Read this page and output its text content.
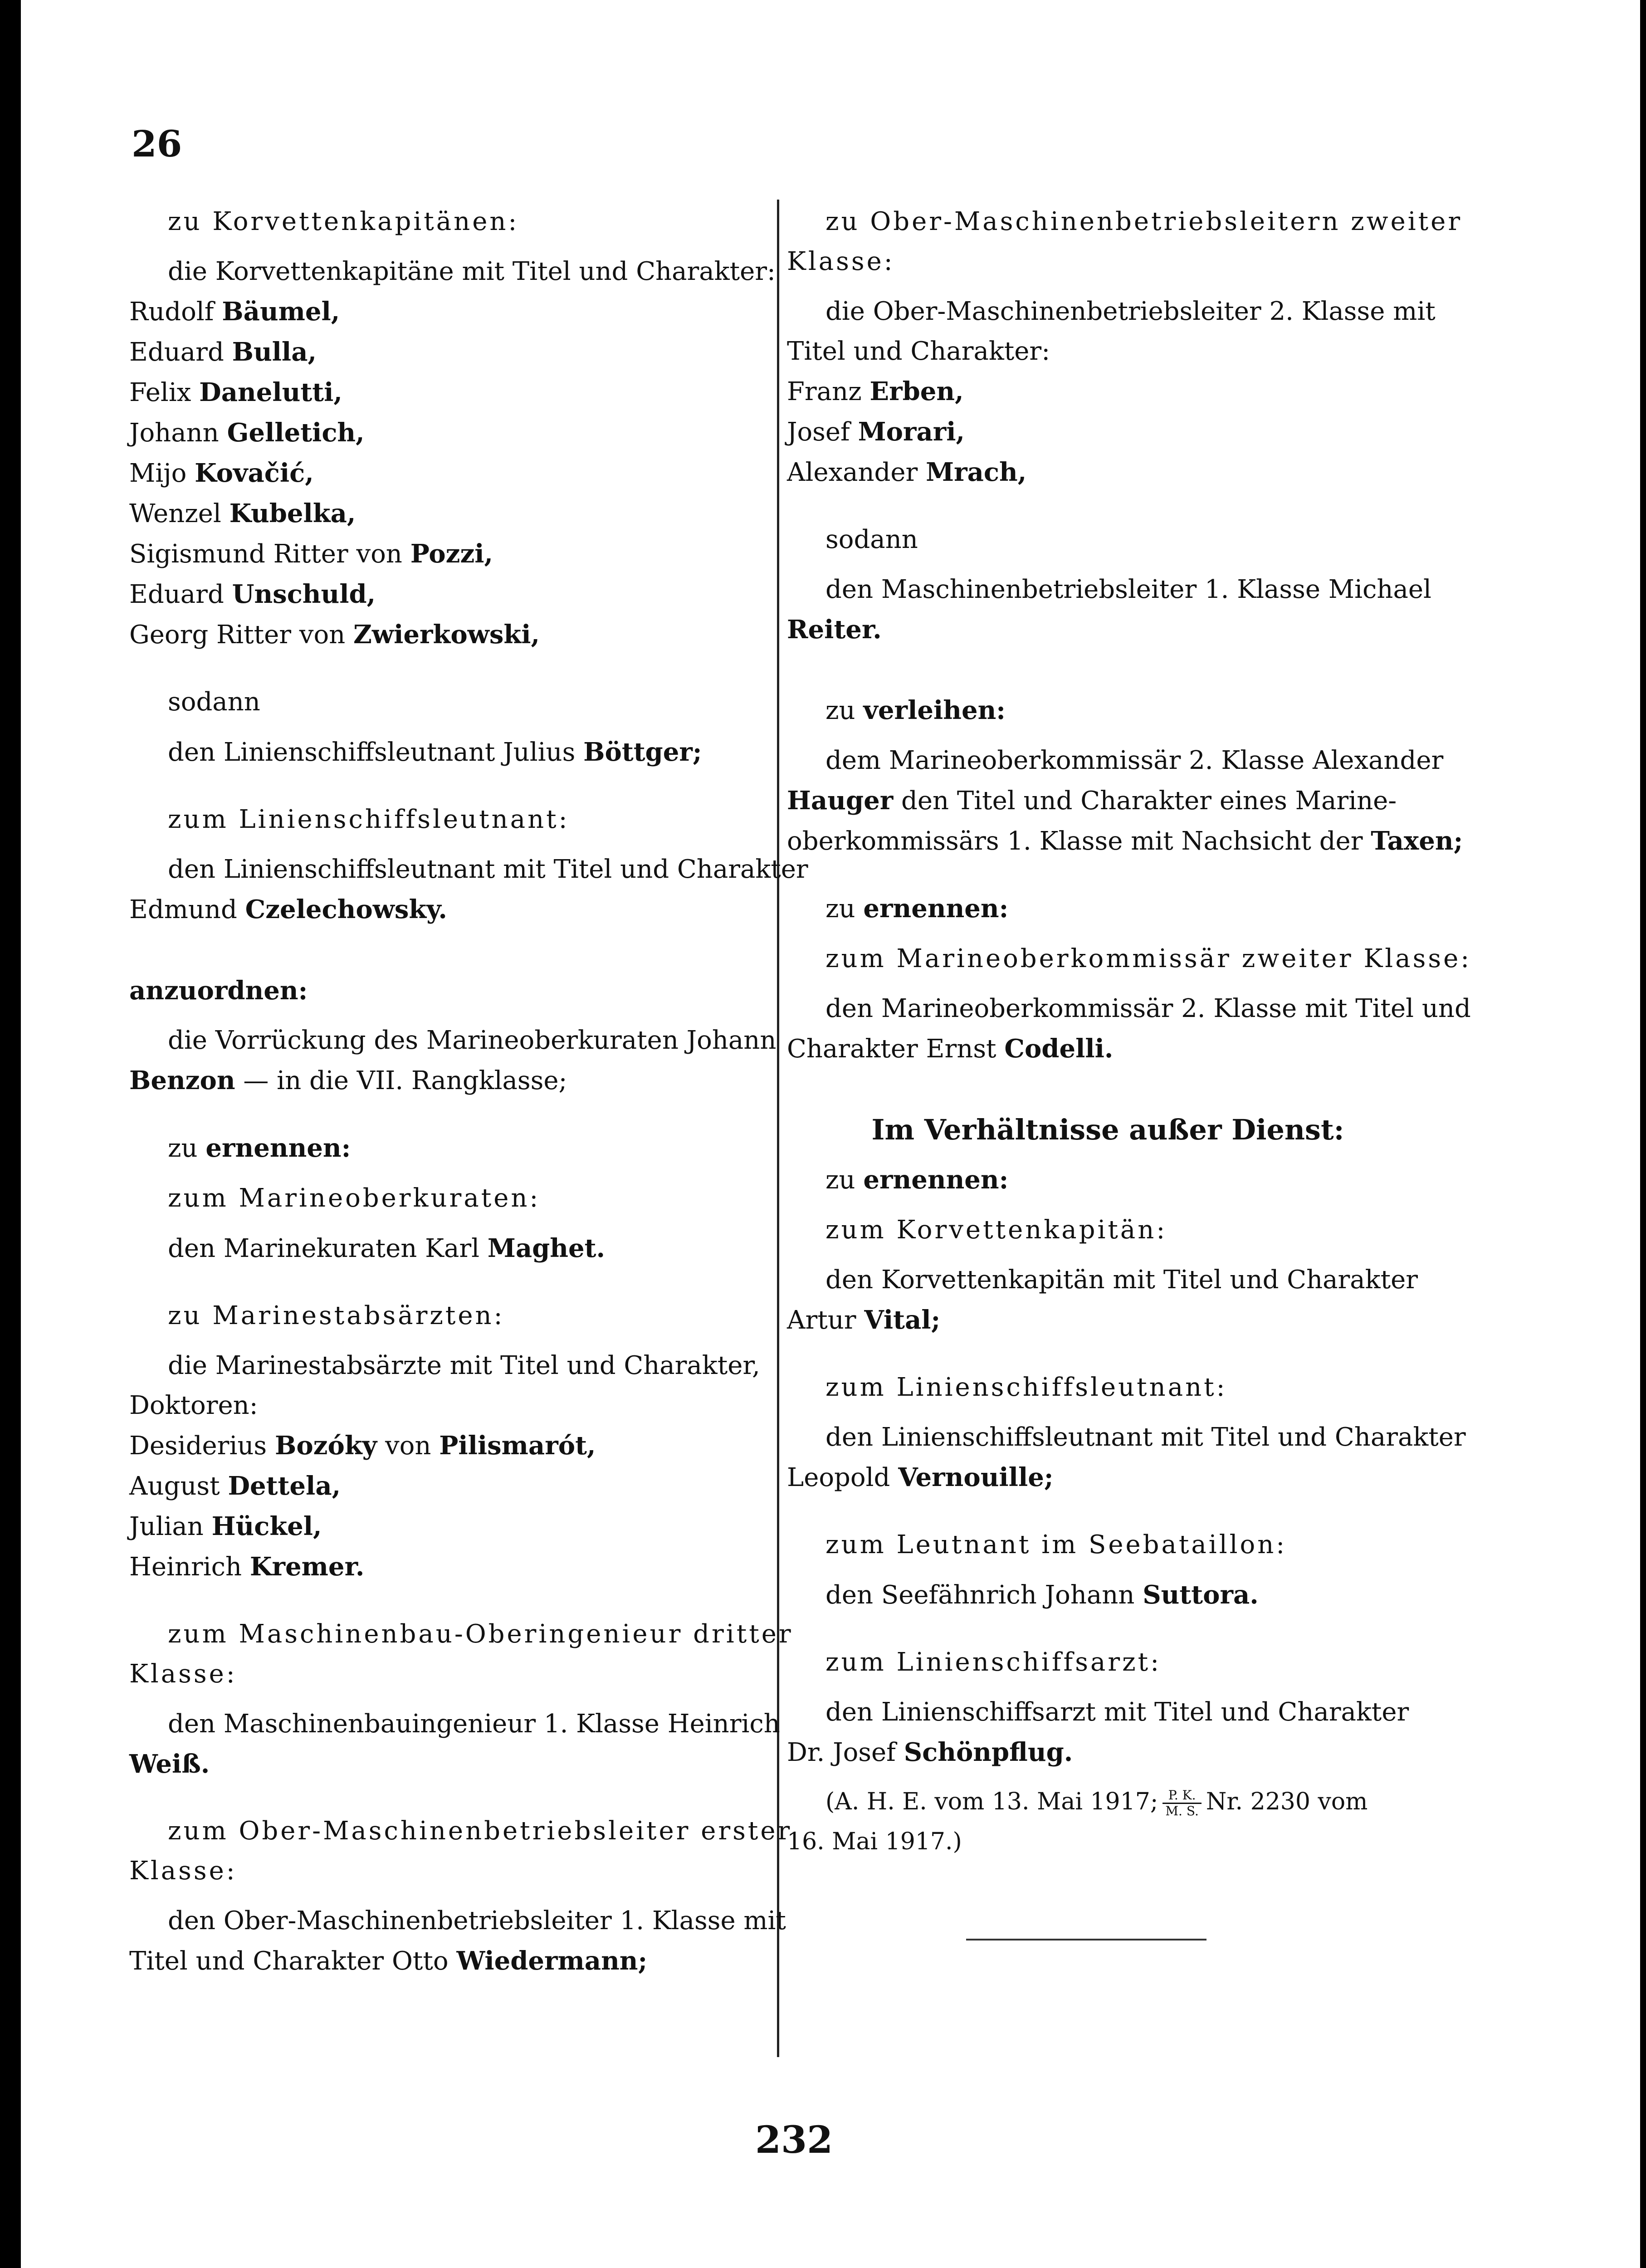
26
zu Korvettenkapitänen:
die Korvettenkapitäne mit Titel und Charakter:
Rudolf Bäumel,
Eduard Bulla,
Felix Danelutti,
Johann Gelletich,
Mijo Kovačić,
Wenzel Kubelka,
Sigismund Ritter von Pozzi,
Eduard Unschuld,
Georg Ritter von Zwierkowski,
sodann
den Linienschiffsleutnant Julius Böttger;
zum Linienschiffsleutnant:
den Linienschiffsleutnant mit Titel und Charakter
Edmund Czelechowsky.
anzuordnen:
die Vorrückung des Marineoberkuraten Johann
Benzon — in die VII. Rangklasse;
zu ernennen:
zum Marineoberkuraten:
den Marinekuraten Karl Maghet.
zu Marinestabsärzten:
die Marinestabsärzte mit Titel und Charakter,
Doktoren:
Desiderius Bozóky von Pilismarót,
August Dettela,
Julian Hückel,
Heinrich Kremer.
zum Maschinenbau-Oberingenieur dritter
Klasse:
den Maschinenbauingenieur 1. Klasse Heinrich
Weiß.
zum Ober-Maschinenbetriebsleiter erster
Klasse:
den Ober-Maschinenbetriebsleiter 1. Klasse mit
Titel und Charakter Otto Wiedermann;
zu Ober-Maschinenbetriebsleitern zweiter
Klasse:
die Ober-Maschinenbetriebsleiter 2. Klasse mit
Titel und Charakter:
Franz Erben,
Josef Morari,
Alexander Mrach,
sodann
den Maschinenbetriebsleiter 1. Klasse Michael
Reiter.
zu verleihen:
dem Marineoberkommissär 2. Klasse Alexander
Hauger den Titel und Charakter eines Marine-
oberkommissärs 1. Klasse mit Nachsicht der Taxen;
zu ernennen:
zum Marineoberkommissär zweiter Klasse:
den Marineoberkommissär 2. Klasse mit Titel und
Charakter Ernst Codelli.
Im Verhältnisse außer Dienst:
zu ernennen:
zum Korvettenkapitän:
den Korvettenkapitän mit Titel und Charakter
Artur Vital;
zum Linienschiffsleutnant:
den Linienschiffsleutnant mit Titel und Charakter
Leopold Vernouille;
zum Leutnant im Seebataillon:
den Seefähnrich Johann Suttora.
zum Linienschiffsarzt:
den Linienschiffsarzt mit Titel und Charakter
Dr. Josef Schönpflug.
(A. H. E. vom 13. Mai 1917; $\frac{P. K.}{M. S.} Nr$. 2230 vom
16. Mai 1917.)
232
